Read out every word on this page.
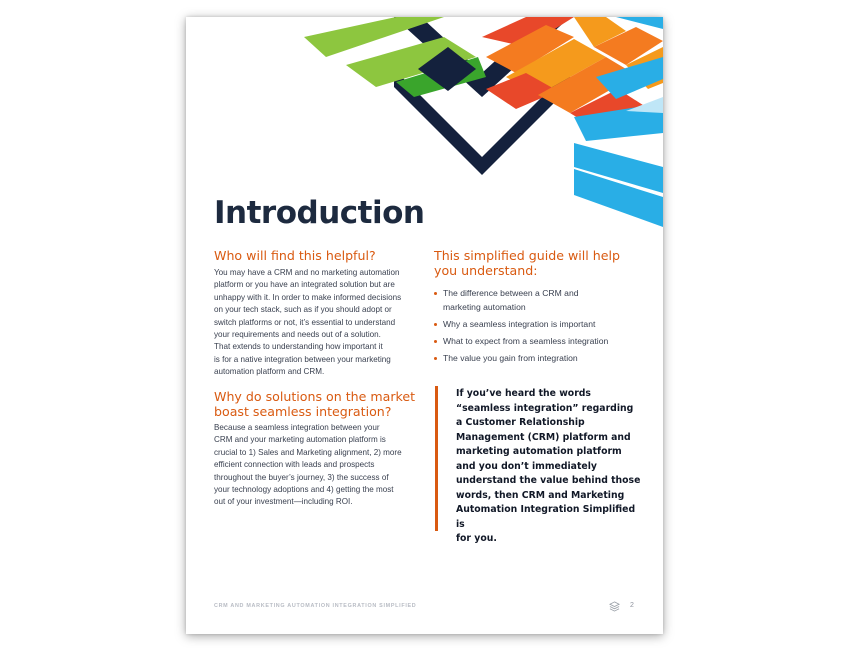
Introduction
Who will find this helpful?

You may have a CRM and no marketing automation
platform or you have an integrated solution but are
unhappy with it. In order to make informed decisions
on your tech stack, such as if you should adopt or
switch platforms or not, it’s essential to understand
your requirements and needs out of a solution.
That extends to understanding how important it
is for a native integration between your marketing
automation platform and CRM.

Why do solutions on the market
boast seamless integration?

Because a seamless integration between your
CRM and your marketing automation platform is
crucial to 1) Sales and Marketing alignment, 2) more
efficient connection with leads and prospects
throughout the buyer’s journey, 3) the success of
your technology adoptions and 4) getting the most
out of your investment—including ROI.

This simplified guide will help
you understand:
The difference between a CRM and
marketing automation
Why a seamless integration is important
What to expect from a seamless integration
The value you gain from integration

If you’ve heard the words
“seamless integration” regarding
a Customer Relationship
Management (CRM) platform and
marketing automation platform
and you don’t immediately
understand the value behind those
words, then CRM and Marketing
Automation Integration Simplified is
for you.

CRM AND MARKETING AUTOMATION INTEGRATION SIMPLIFIED	2
